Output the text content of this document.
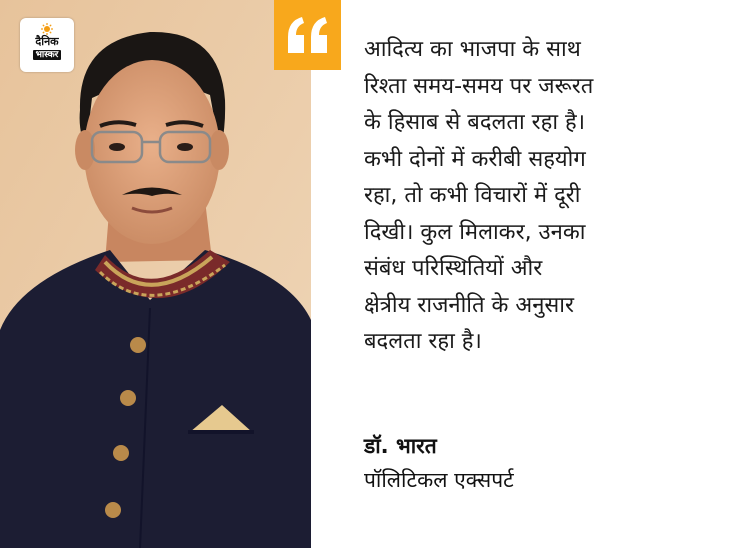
दैनिक
भास्कर	आदित्य का भाजपा के साथ
रिश्ता समय-समय पर जरूरत
के हिसाब से बदलता रहा है।
कभी दोनों में करीबी सहयोग
रहा, तो कभी विचारों में दूरी
दिखी। कुल मिलाकर, उनका
संबंध परिस्थितियों और
क्षेत्रीय राजनीति के अनुसार
बदलता रहा है।
डॉ. भारत
पॉलिटिकल एक्सपर्ट
